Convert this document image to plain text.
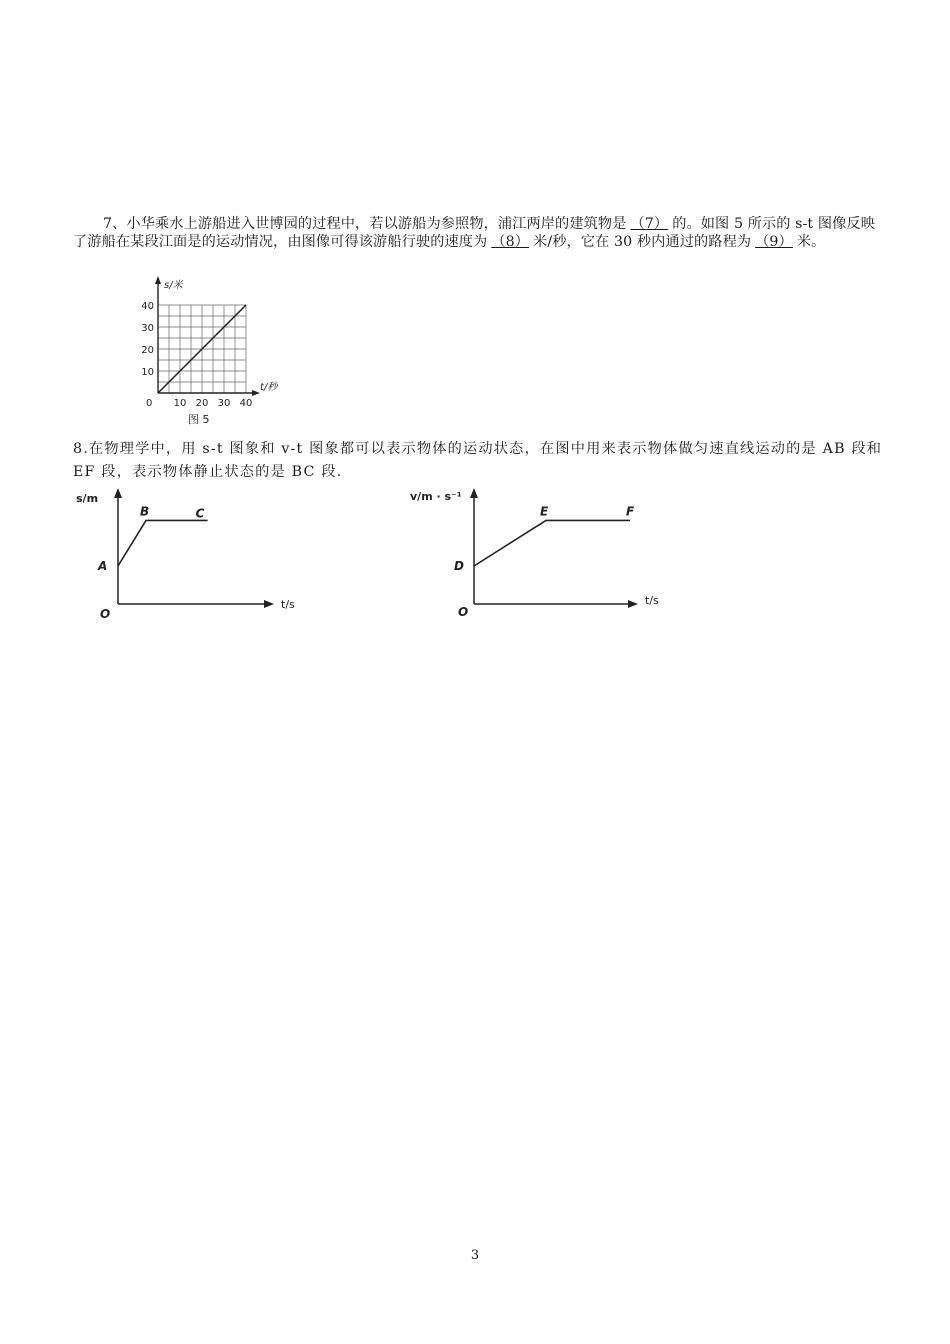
7、小华乘水上游船进入世博园的过程中，若以游船为参照物，浦江两岸的建筑物是 （7） 的。如图 5 所示的 s-t 图像反映了游船在某段江面是的运动情况，由图像可得该游船行驶的速度为 （8） 米/秒，它在 30 秒内通过的路程为 （9） 米。
10 20 30 40
10
20
30
40
s/米
t/秒
0
图 5
8.在物理学中，用 s-t 图象和 v-t 图象都可以表示物体的运动状态，在图中用来表示物体做匀速直线运动的是 AB 段和 EF 段，表示物体静止状态的是 BC 段.
s/m
t/s
O
A
B	C
v/m · s⁻¹
t/s
O
D
E	F
3
